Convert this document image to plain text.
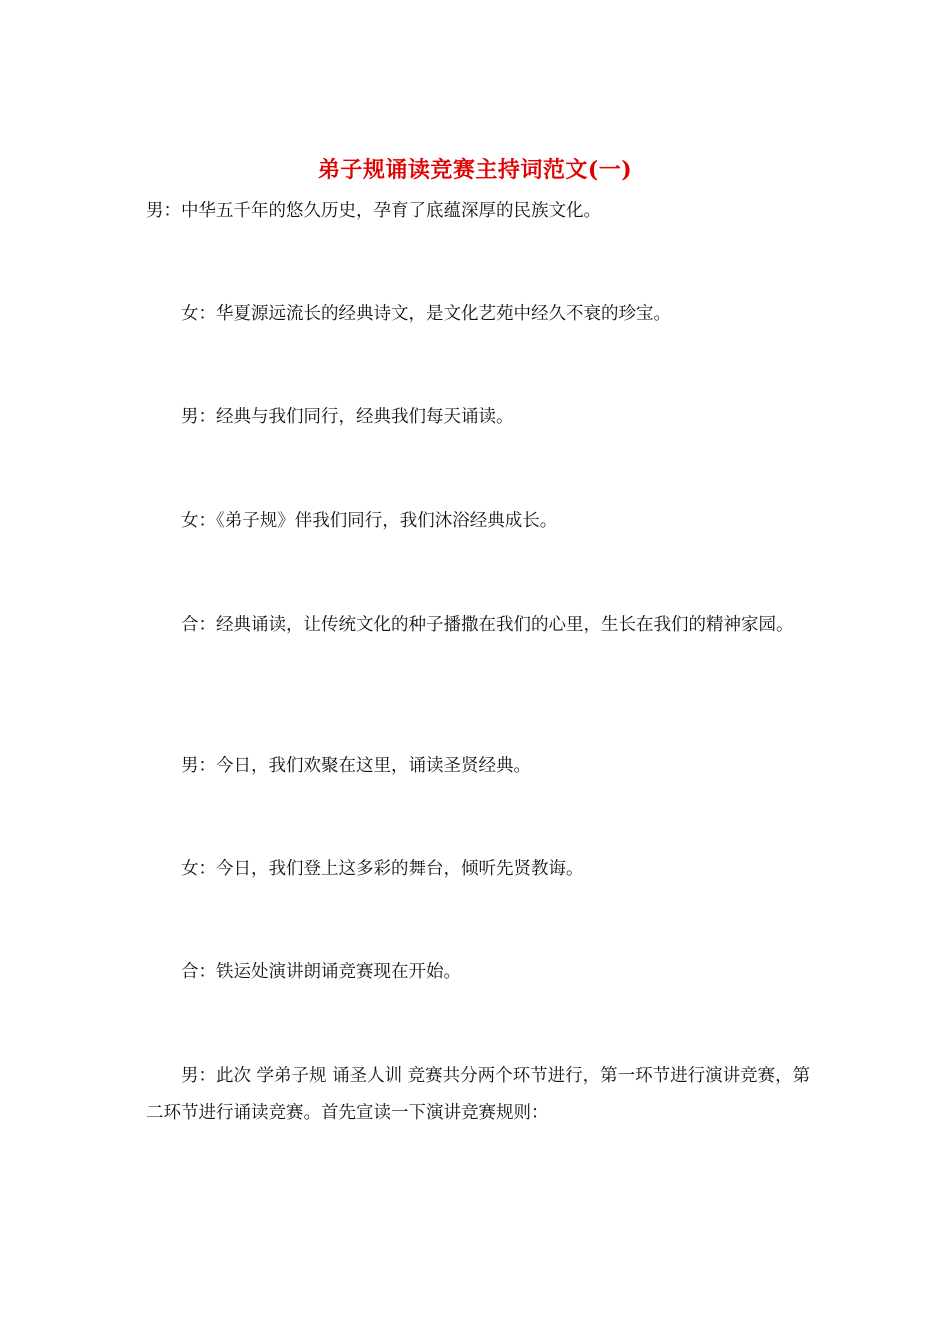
弟子规诵读竞赛主持词范文(一)

男：中华五千年的悠久历史，孕育了底蕴深厚的民族文化。

女：华夏源远流长的经典诗文，是文化艺苑中经久不衰的珍宝。

男：经典与我们同行，经典我们每天诵读。

女：《弟子规》伴我们同行，我们沐浴经典成长。

合：经典诵读，让传统文化的种子播撒在我们的心里，生长在我们的精神家园。

男：今日，我们欢聚在这里，诵读圣贤经典。

女：今日，我们登上这多彩的舞台，倾听先贤教诲。

合：铁运处演讲朗诵竞赛现在开始。

男：此次 学弟子规 诵圣人训 竞赛共分两个环节进行，第一环节进行演讲竞赛，第二环节进行诵读竞赛。首先宣读一下演讲竞赛规则：
